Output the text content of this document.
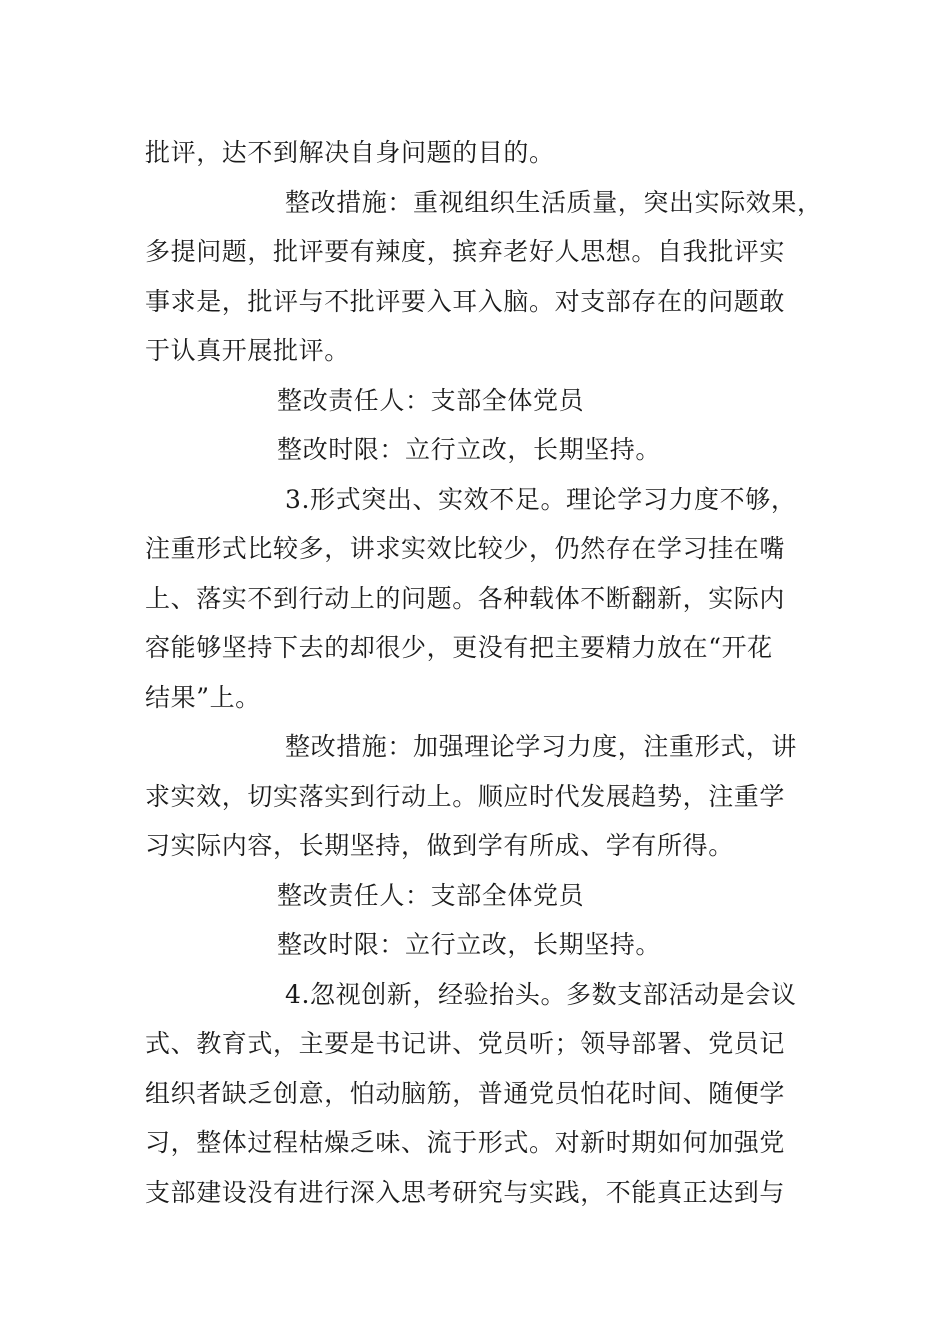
批评，达不到解决自身问题的目的。
整改措施：重视组织生活质量，突出实际效果，
多提问题，批评要有辣度，摈弃老好人思想。自我批评实
事求是，批评与不批评要入耳入脑。对支部存在的问题敢
于认真开展批评。
整改责任人：支部全体党员
整改时限：立行立改，长期坚持。
3.形式突出、实效不足。理论学习力度不够，
注重形式比较多，讲求实效比较少，仍然存在学习挂在嘴
上、落实不到行动上的问题。各种载体不断翻新，实际内
容能够坚持下去的却很少，更没有把主要精力放在“开花
结果”上。
整改措施：加强理论学习力度，注重形式，讲
求实效，切实落实到行动上。顺应时代发展趋势，注重学
习实际内容，长期坚持，做到学有所成、学有所得。
整改责任人：支部全体党员
整改时限：立行立改，长期坚持。
4.忽视创新，经验抬头。多数支部活动是会议
式、教育式，主要是书记讲、党员听；领导部署、党员记
组织者缺乏创意，怕动脑筋，普通党员怕花时间、随便学
习，整体过程枯燥乏味、流于形式。对新时期如何加强党
支部建设没有进行深入思考研究与实践，不能真正达到与
